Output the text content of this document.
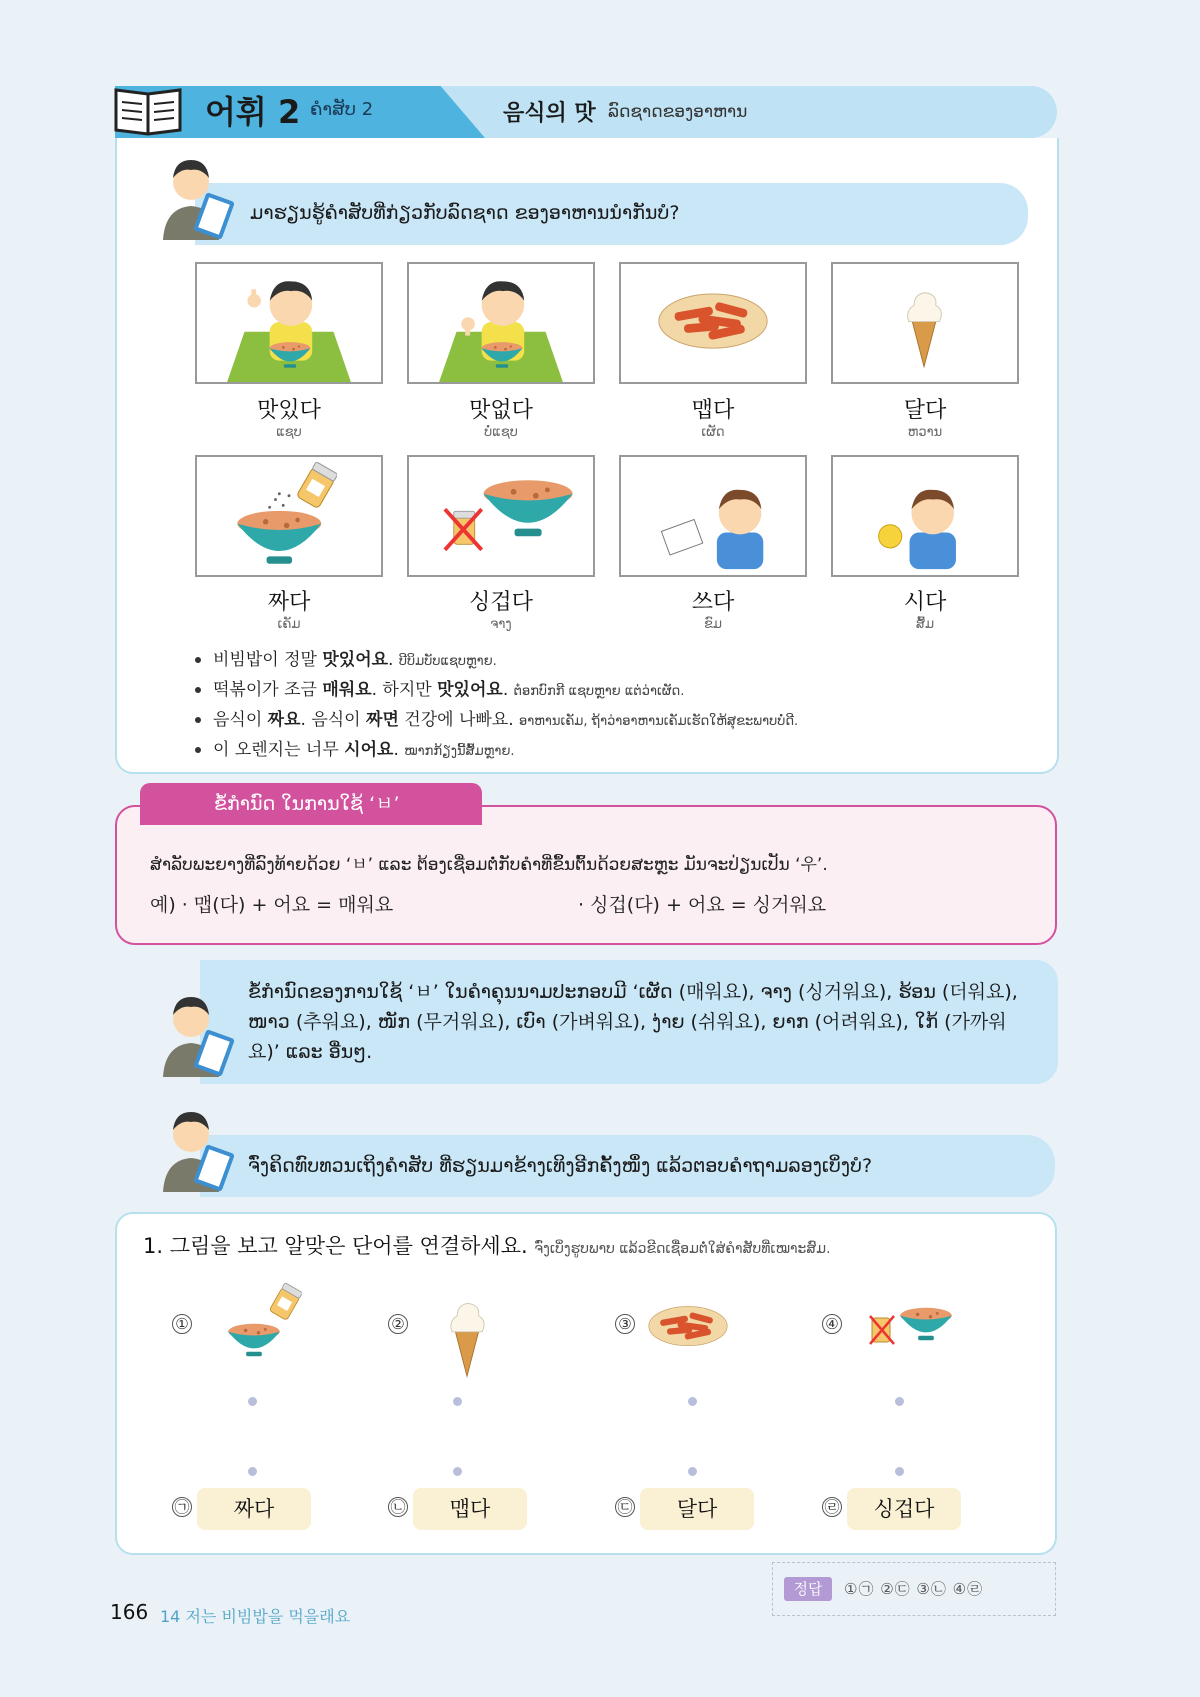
어휘 2 ຄຳສັບ 2	음식의 맛 ລົດຊາດຂອງອາຫານ
ມາຮຽນຮູ້ຄຳສັບທີ່ກ່ຽວກັບລົດຊາດ ຂອງອາຫານນຳກັນບໍ?
맛있다
ແຊບ
맛없다
ບໍ່ແຊບ
맵다
ເຜັດ
달다
ຫວານ
짜다
ເຄັມ
싱겁다
ຈາງ
쓰다
ຂົມ
시다
ສົ້ມ
비빔밥이 정말 맛있어요. ບີບິມບັບແຊບຫຼາຍ.
떡볶이가 조금 매워요. 하지만 맛있어요. ຕ໋ອກບົກກີ ແຊບຫຼາຍ ແຕ່ວ່າເຜັດ.
음식이 짜요. 음식이 짜면 건강에 나빠요. ອາຫານເຄັມ, ຖ້າວ່າອາຫານເຄັມເຮັດໃຫ້ສຸຂະພາບບໍ່ດີ.
이 오렌지는 너무 시어요. ໝາກກ້ຽງນີ້ສົ້ມຫຼາຍ.
ຂໍ້ກຳນົດ ໃນການໃຊ້ ‘ㅂ’
ສຳລັບພະຍາງທີ່ລົງທ້າຍດ້ວຍ ‘ㅂ’ ແລະ ຕ້ອງເຊື່ອມຕໍ່ກັບຄຳທີ່ຂຶ້ນຕົ້ນດ້ວຍສະຫຼະ ມັນຈະປ່ຽນເປັນ ‘우’.
예) · 맵(다) + 어요 = 매워요	· 싱겁(다) + 어요 = 싱거워요
ຂໍ້ກຳນົດຂອງການໃຊ້ ‘ㅂ’ ໃນຄຳຄຸນນາມປະກອບມີ ‘ເຜັດ (매워요), ຈາງ (싱거워요), ຮ້ອນ (더워요),
ໜາວ (추워요), ໜັກ (무거워요), ເບົາ (가벼워요), ງ່າຍ (쉬워요), ຍາກ (어려워요), ໃກ້ (가까워
요)’ ແລະ ອື່ນໆ.
ຈົ່ງຄິດທົບທວນເຖິງຄຳສັບ ທີ່ຮຽນມາຂ້າງເທິງອີກຄັ້ງໜຶ່ງ ແລ້ວຕອບຄຳຖາມລອງເບິ່ງບໍ?
1. 그림을 보고 알맞은 단어를 연결하세요. ຈົ່ງເບິ່ງຮູບພາບ ແລ້ວຂີດເຊື່ອມຕໍ່ໃສ່ຄຳສັບທີ່ເໝາະສົມ.
①	②	③	④
㉠	짜다	㉡	맵다	㉢	달다	㉣	싱겁다
정답	①㉠ ②㉢ ③㉡ ④㉣
166 14 저는 비빔밥을 먹을래요
